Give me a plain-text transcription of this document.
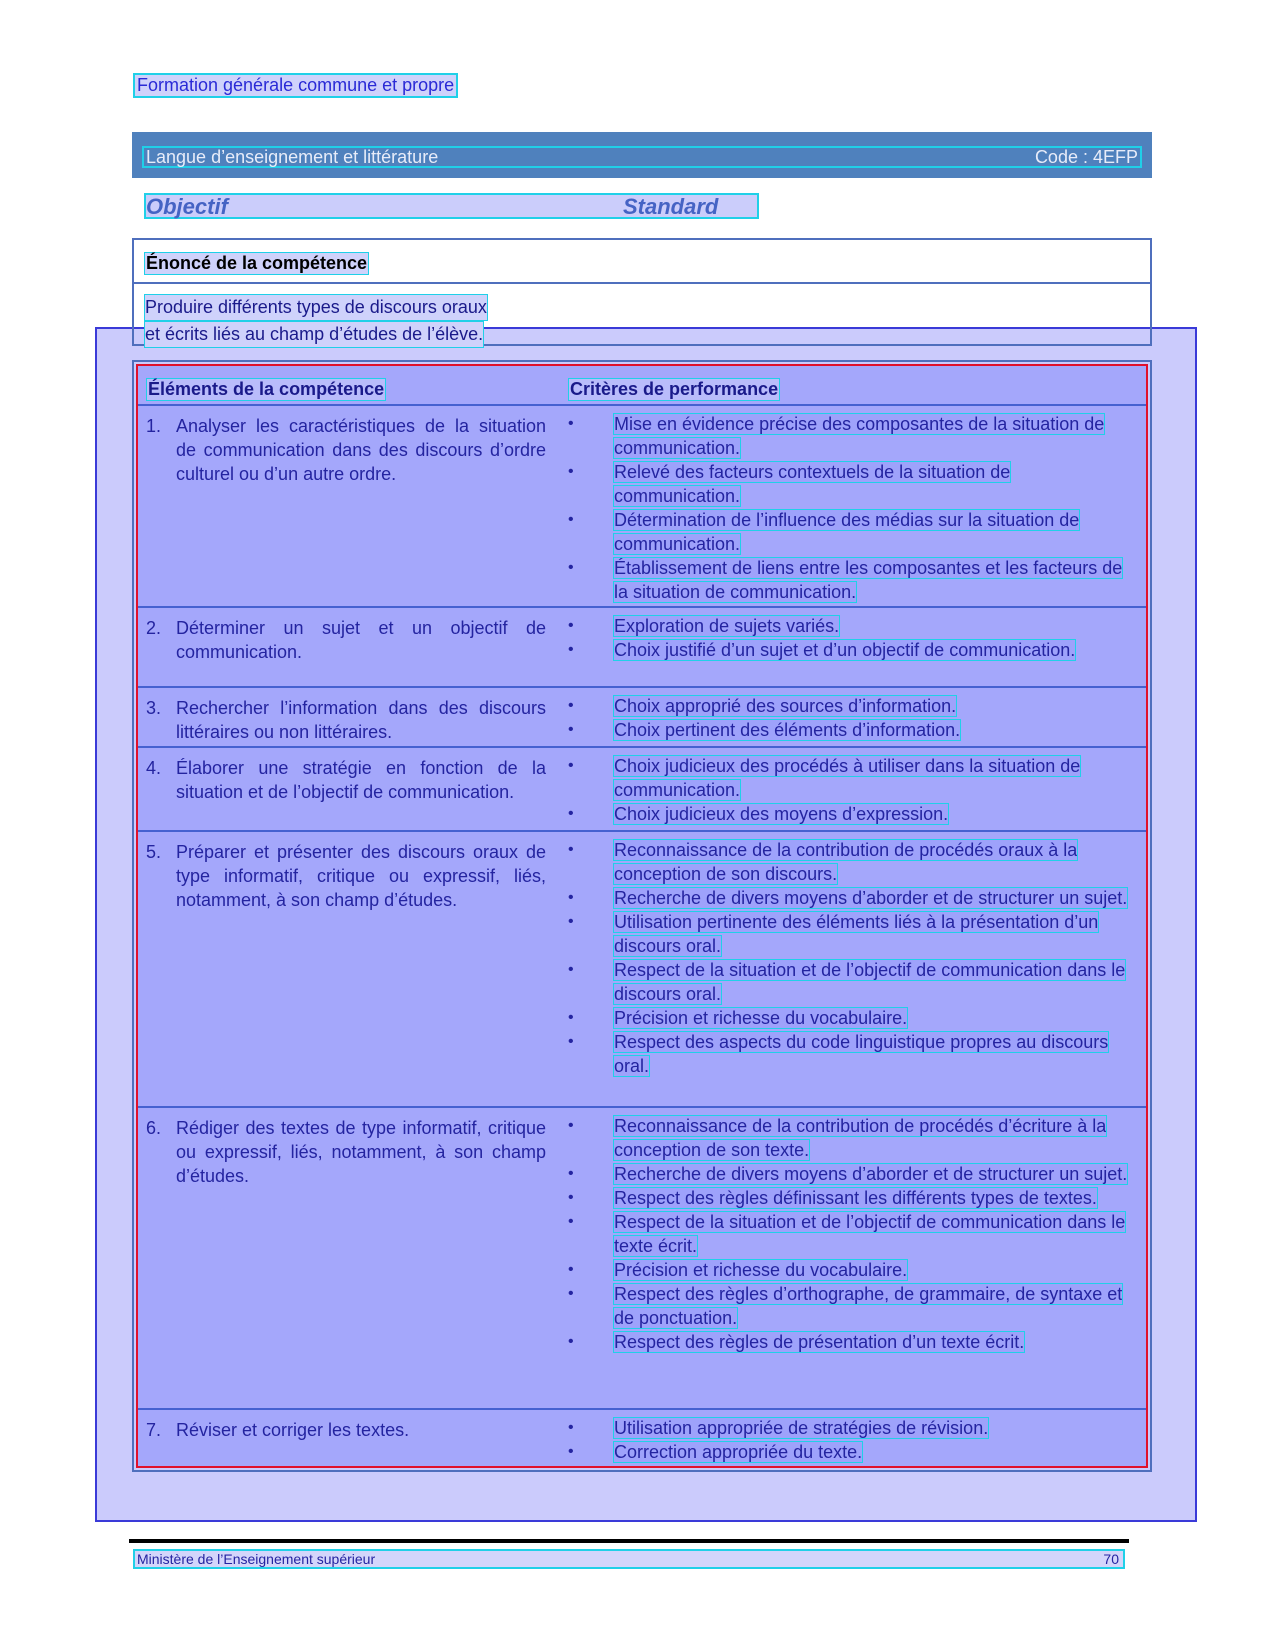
Formation générale commune et propre
Langue d’enseignement et littérature	Code : 4EFP
Objectif	Standard
Énoncé de la compétence
Produire différents types de discours oraux
et écrits liés au champ d’études de l’élève.
Éléments de la compétence	Critères de performance
1. Analyser les caractéristiques de la situation de communication dans des discours d’ordre culturel ou d’un autre ordre.
• Mise en évidence précise des composantes de la situation de communication.
• Relevé des facteurs contextuels de la situation de communication.
• Détermination de l’influence des médias sur la situation de communication.
• Établissement de liens entre les composantes et les facteurs de la situation de communication.
2. Déterminer un sujet et un objectif de communication.
• Exploration de sujets variés.
• Choix justifié d’un sujet et d’un objectif de communication.
3. Rechercher l’information dans des discours littéraires ou non littéraires.
• Choix approprié des sources d’information.
• Choix pertinent des éléments d’information.
4. Élaborer une stratégie en fonction de la situation et de l’objectif de communication.
• Choix judicieux des procédés à utiliser dans la situation de communication.
• Choix judicieux des moyens d’expression.
5. Préparer et présenter des discours oraux de type informatif, critique ou expressif, liés, notamment, à son champ d’études.
• Reconnaissance de la contribution de procédés oraux à la conception de son discours.
• Recherche de divers moyens d’aborder et de structurer un sujet.
• Utilisation pertinente des éléments liés à la présentation d’un discours oral.
• Respect de la situation et de l’objectif de communication dans le discours oral.
• Précision et richesse du vocabulaire.
• Respect des aspects du code linguistique propres au discours oral.
6. Rédiger des textes de type informatif, critique ou expressif, liés, notamment, à son champ d’études.
• Reconnaissance de la contribution de procédés d’écriture à la conception de son texte.
• Recherche de divers moyens d’aborder et de structurer un sujet.
• Respect des règles définissant les différents types de textes.
• Respect de la situation et de l’objectif de communication dans le texte écrit.
• Précision et richesse du vocabulaire.
• Respect des règles d’orthographe, de grammaire, de syntaxe et de ponctuation.
• Respect des règles de présentation d’un texte écrit.
7. Réviser et corriger les textes.	• Utilisation appropriée de stratégies de révision.
• Correction appropriée du texte.
Ministère de l’Enseignement supérieur	70
